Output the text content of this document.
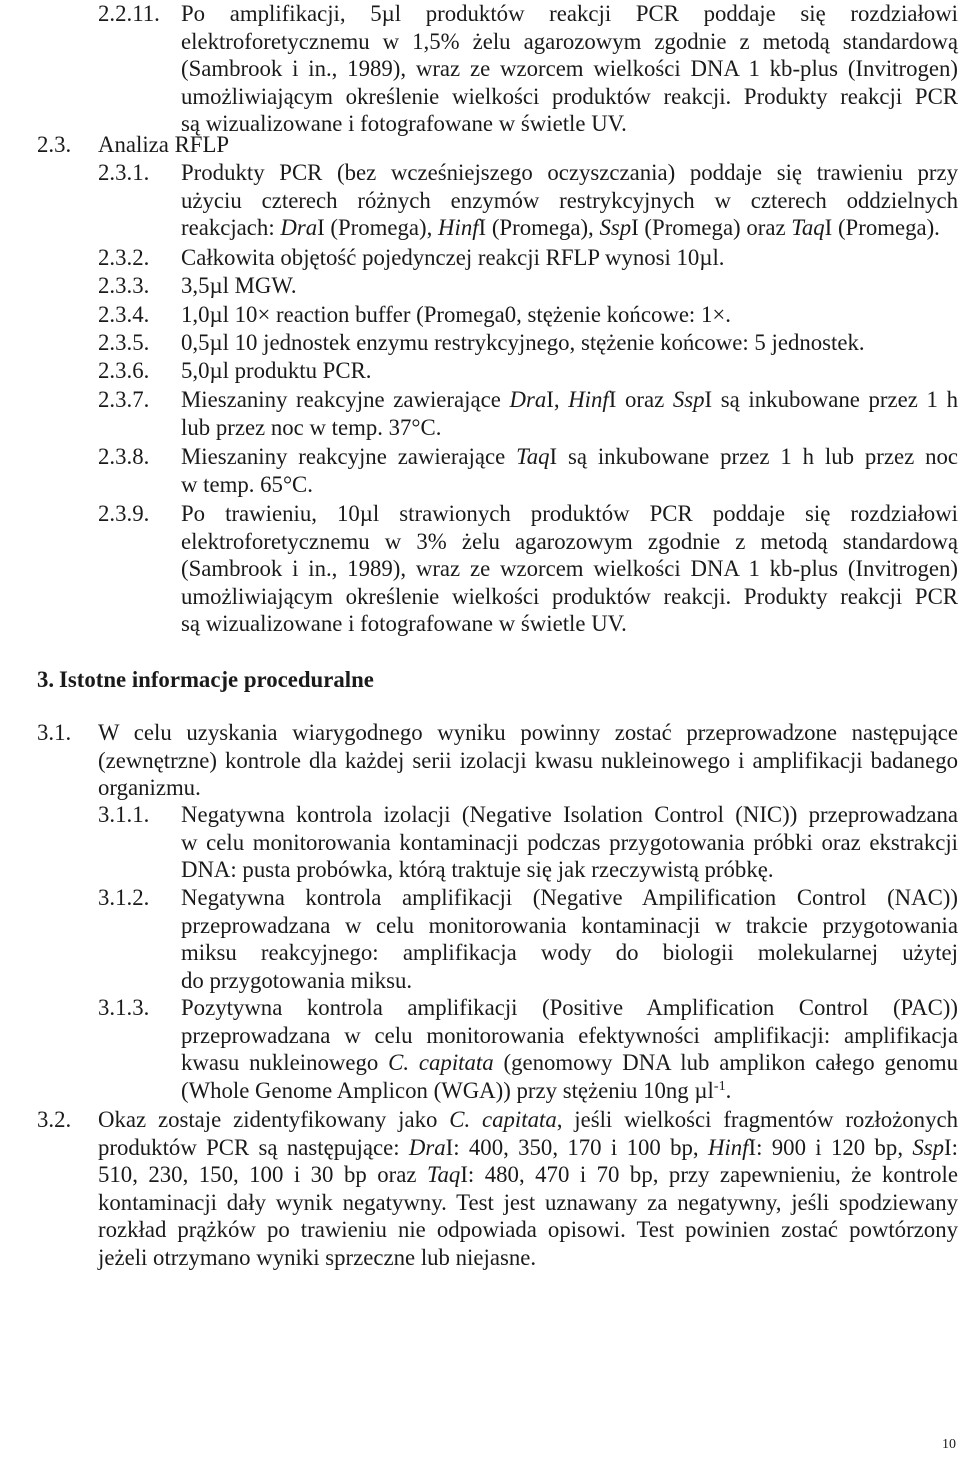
2.2.11. Po amplifikacji, 5µl produktów reakcji PCR poddaje się rozdziałowi
elektroforetycznemu w 1,5% żelu agarozowym zgodnie z metodą standardową
(Sambrook i in., 1989), wraz ze wzorcem wielkości DNA 1 kb-plus (Invitrogen)
umożliwiającym określenie wielkości produktów reakcji. Produkty reakcji PCR
są wizualizowane i fotografowane w świetle UV.
2.3. Analiza RFLP
2.3.1. Produkty PCR (bez wcześniejszego oczyszczania) poddaje się trawieniu przy
użyciu czterech różnych enzymów restrykcyjnych w czterech oddzielnych
reakcjach: DraI (Promega), HinfI (Promega), SspI (Promega) oraz TaqI (Promega).
2.3.2. Całkowita objętość pojedynczej reakcji RFLP wynosi 10µl.
2.3.3. 3,5µl MGW.
2.3.4. 1,0µl 10× reaction buffer (Promega0, stężenie końcowe: 1×.
2.3.5. 0,5µl 10 jednostek enzymu restrykcyjnego, stężenie końcowe: 5 jednostek.
2.3.6. 5,0µl produktu PCR.
2.3.7. Mieszaniny reakcyjne zawierające DraI, HinfI oraz SspI są inkubowane przez 1 h
lub przez noc w temp. 37°C.
2.3.8. Mieszaniny reakcyjne zawierające TaqI są inkubowane przez 1 h lub przez noc
w temp. 65°C.
2.3.9. Po trawieniu, 10µl strawionych produktów PCR poddaje się rozdziałowi
elektroforetycznemu w 3% żelu agarozowym zgodnie z metodą standardową
(Sambrook i in., 1989), wraz ze wzorcem wielkości DNA 1 kb-plus (Invitrogen)
umożliwiającym określenie wielkości produktów reakcji. Produkty reakcji PCR
są wizualizowane i fotografowane w świetle UV.
3. Istotne informacje proceduralne
3.1. W celu uzyskania wiarygodnego wyniku powinny zostać przeprowadzone następujące
(zewnętrzne) kontrole dla każdej serii izolacji kwasu nukleinowego i amplifikacji badanego
organizmu.
3.1.1. Negatywna kontrola izolacji (Negative Isolation Control (NIC)) przeprowadzana
w celu monitorowania kontaminacji podczas przygotowania próbki oraz ekstrakcji
DNA: pusta probówka, którą traktuje się jak rzeczywistą próbkę.
3.1.2. Negatywna kontrola amplifikacji (Negative Ampilification Control (NAC))
przeprowadzana w celu monitorowania kontaminacji w trakcie przygotowania
miksu reakcyjnego: amplifikacja wody do biologii molekularnej użytej
do przygotowania miksu.
3.1.3. Pozytywna kontrola amplifikacji (Positive Amplification Control (PAC))
przeprowadzana w celu monitorowania efektywności amplifikacji: amplifikacja
kwasu nukleinowego C. capitata (genomowy DNA lub amplikon całego genomu
(Whole Genome Amplicon (WGA)) przy stężeniu 10ng µl$^{-1}$.
3.2. Okaz zostaje zidentyfikowany jako C. capitata, jeśli wielkości fragmentów rozłożonych
produktów PCR są następujące: DraI: 400, 350, 170 i 100 bp, HinfI: 900 i 120 bp, SspI:
510, 230, 150, 100 i 30 bp oraz TaqI: 480, 470 i 70 bp, przy zapewnieniu, że kontrole
kontaminacji dały wynik negatywny. Test jest uznawany za negatywny, jeśli spodziewany
rozkład prążków po trawieniu nie odpowiada opisowi. Test powinien zostać powtórzony
jeżeli otrzymano wyniki sprzeczne lub niejasne.
10
